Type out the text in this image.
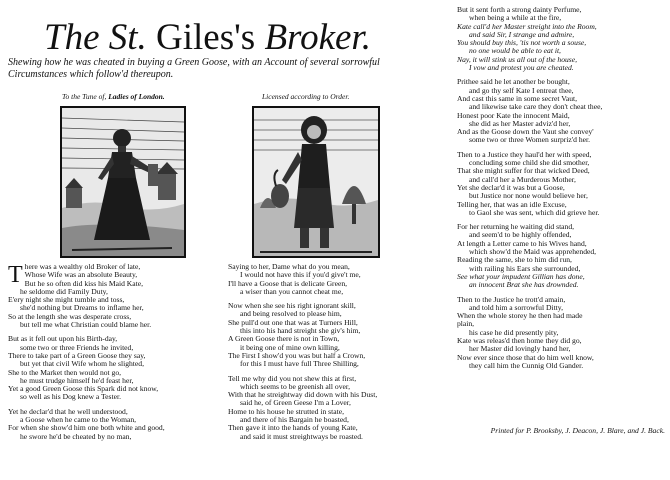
The St. Giles's Broker.
Shewing how he was cheated in buying a Green Goose, with an Account of several sorrowful Circumstances which follow'd thereupon.
To the Tune of, Ladies of London.	Licensed according to Order.
T here was a wealthy old Broker of late,
Whose Wife was an absolute Beauty,
But he so often did kiss his Maid Kate,
he seldome did Family Duty,
E'ery night she might tumble and toss,
she'd nothing but Dreams to inflame her,
So at the length she was desperate cross,
but tell me what Christian could blame her.
But as it fell out upon his Birth-day,
some two or three Friends he invited,
There to take part of a Green Goose they say,
but yet that civil Wife whom he slighted,
She to the Market then would not go,
he must trudge himself he'd feast her,
Yet a good Green Goose this Spark did not know,
so well as his Dog knew a Tester.
Yet he declar'd that he well understood,
a Goose when he came to the Woman,
For when she show'd him one both white and good,
he swore he'd be cheated by no man,
Saying to her, Dame what do you mean,
I would not have this if you'd give't me,
I'll have a Goose that is delicate Green,
a wiser than you cannot cheat me,
Now when she see his right ignorant skill,
and being resolved to please him,
She pull'd out one that was at Turners Hill,
this into his hand streight she giv's him,
A Green Goose there is not in Town,
it being one of mine own killing,
The First I show'd you was but half a Crown,
for this I must have full Three Shilling,
Tell me why did you not shew this at first,
which seems to be greenish all over,
With that he streightway did down with his Dust,
said he, of Green Geese I'm a Lover,
Home to his house he strutted in state,
and there of his Bargain he boasted,
Then gave it into the hands of young Kate,
and said it must streightways be roasted.
But it sent forth a strong dainty Perfume,
when being a while at the fire,
Kate call'd her Master streight into the Room,
and said Sir, I strange and admire,
You should buy this, 'tis not worth a souse,
no one would be able to eat it,
Nay, it will stink us all out of the house,
I vow and protest you are cheated.
Prithee said he let another be bought,
and go thy self Kate I entreat thee,
And cast this same in some secret Vaut,
and likewise take care they don't cheat thee,
Honest poor Kate the innocent Maid,
she did as her Master adviz'd her,
And as the Goose down the Vaut she convey'
some two or three Women surpriz'd her.
Then to a Justice they haul'd her with speed,
concluding some child she did smother,
That she might suffer for that wicked Deed,
and call'd her a Murderous Mother,
Yet she declar'd it was but a Goose,
but Justice nor none would believe her,
Telling her, that was an idle Excuse,
to Gaol she was sent, which did grieve her.
For her returning he waiting did stand,
and seem'd to be highly offended,
At length a Letter came to his Wives hand,
which show'd the Maid was apprehended,
Reading the same, she to him did run,
with railing his Ears she surrounded,
See what your impudent Gillian has done,
an innocent Brat she has drownded.
Then to the Justice he trott'd amain,
and told him a sorrowful Ditty,
When the whole storey he then had made
plain,
his case he did presently pity,
Kate was releas'd then home they did go,
her Master did lovingly hand her,
Now ever since those that do him well know,
they call him the Cunnig Old Gander.
Printed for P. Brooksby, J. Deacon, J. Blare, and J. Back.
